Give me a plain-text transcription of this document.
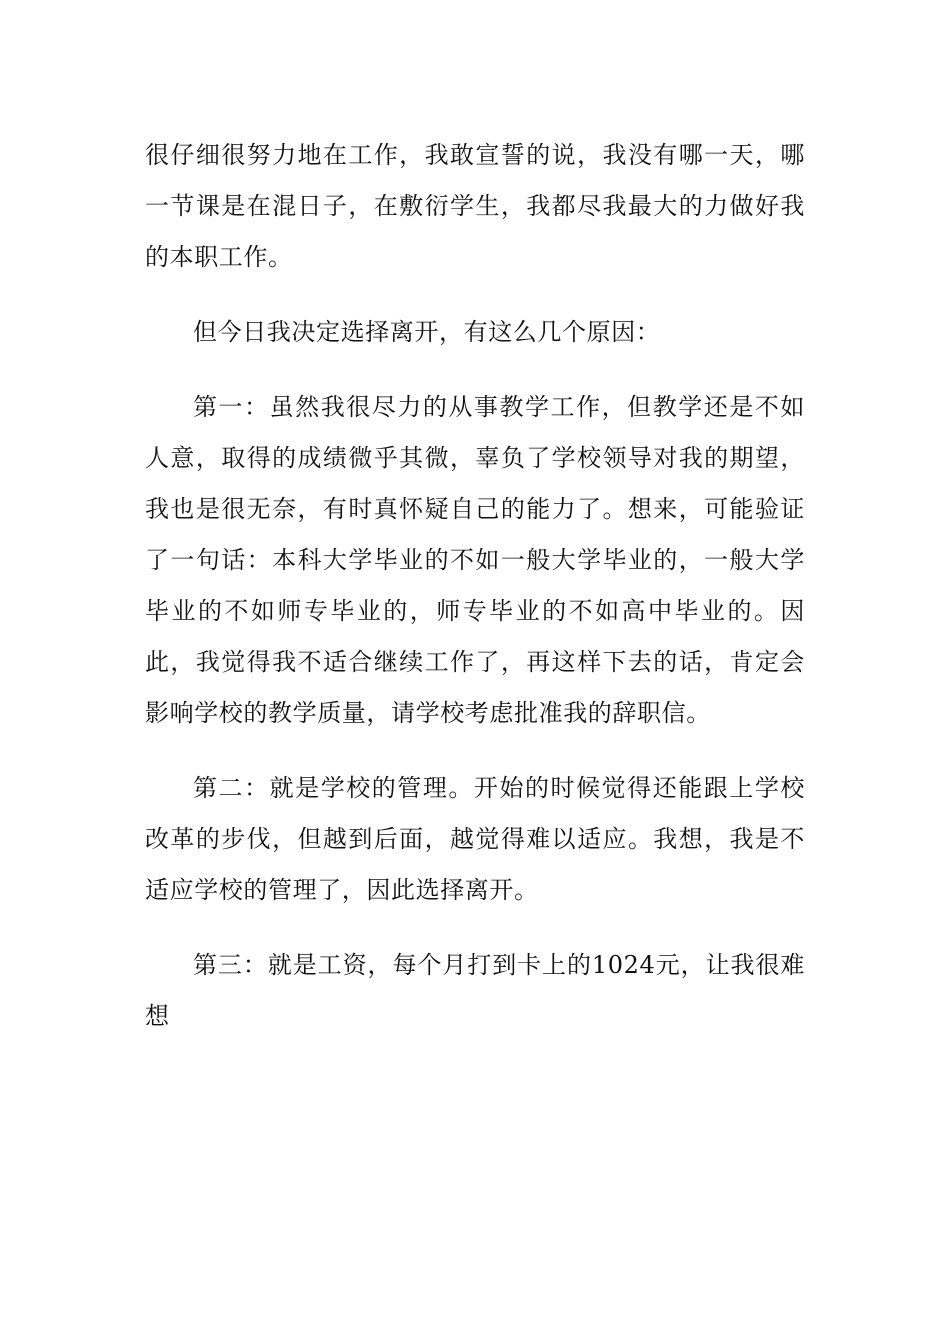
很仔细很努力地在工作，我敢宣誓的说，我没有哪一天，哪一节课是在混日子，在敷衍学生，我都尽我最大的力做好我的本职工作。

但今日我决定选择离开，有这么几个原因：

第一：虽然我很尽力的从事教学工作，但教学还是不如人意，取得的成绩微乎其微，辜负了学校领导对我的期望，我也是很无奈，有时真怀疑自己的能力了。想来，可能验证了一句话：本科大学毕业的不如一般大学毕业的，一般大学毕业的不如师专毕业的，师专毕业的不如高中毕业的。因此，我觉得我不适合继续工作了，再这样下去的话，肯定会影响学校的教学质量，请学校考虑批准我的辞职信。

第二：就是学校的管理。开始的时候觉得还能跟上学校改革的步伐，但越到后面，越觉得难以适应。我想，我是不适应学校的管理了，因此选择离开。

第三：就是工资，每个月打到卡上的1024元，让我很难想
